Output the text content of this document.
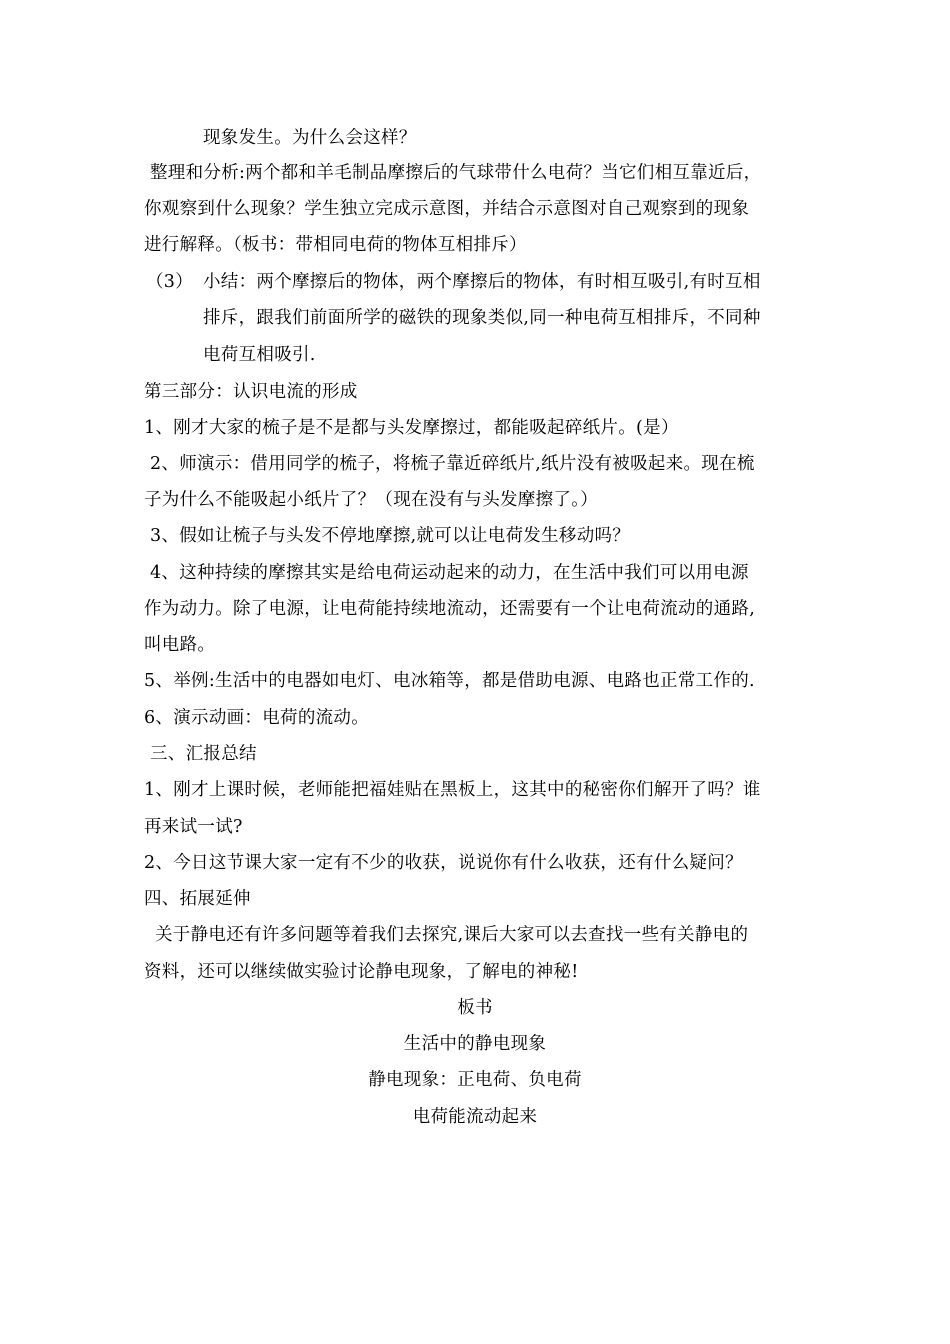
现象发生。为什么会这样？
整理和分析:两个都和羊毛制品摩擦后的气球带什么电荷？当它们相互靠近后，
你观察到什么现象？学生独立完成示意图，并结合示意图对自己观察到的现象
进行解释。（板书：带相同电荷的物体互相排斥）
（3） 小结：两个摩擦后的物体，两个摩擦后的物体，有时相互吸引,有时互相
排斥，跟我们前面所学的磁铁的现象类似,同一种电荷互相排斥，不同种
电荷互相吸引.
第三部分：认识电流的形成
1、刚才大家的梳子是不是都与头发摩擦过，都能吸起碎纸片。(是）
2、师演示：借用同学的梳子，将梳子靠近碎纸片,纸片没有被吸起来。现在梳
子为什么不能吸起小纸片了？（现在没有与头发摩擦了。）
3、假如让梳子与头发不停地摩擦,就可以让电荷发生移动吗？
4、这种持续的摩擦其实是给电荷运动起来的动力，在生活中我们可以用电源
作为动力。除了电源，让电荷能持续地流动，还需要有一个让电荷流动的通路,
叫电路。
5、举例:生活中的电器如电灯、电冰箱等，都是借助电源、电路也正常工作的.
6、演示动画：电荷的流动。
三、汇报总结
1、刚才上课时候，老师能把福娃贴在黑板上，这其中的秘密你们解开了吗？谁
再来试一试?
2、今日这节课大家一定有不少的收获，说说你有什么收获，还有什么疑问？
四、拓展延伸
关于静电还有许多问题等着我们去探究,课后大家可以去查找一些有关静电的
资料，还可以继续做实验讨论静电现象，了解电的神秘!
板书
生活中的静电现象
静电现象：正电荷、负电荷
电荷能流动起来
